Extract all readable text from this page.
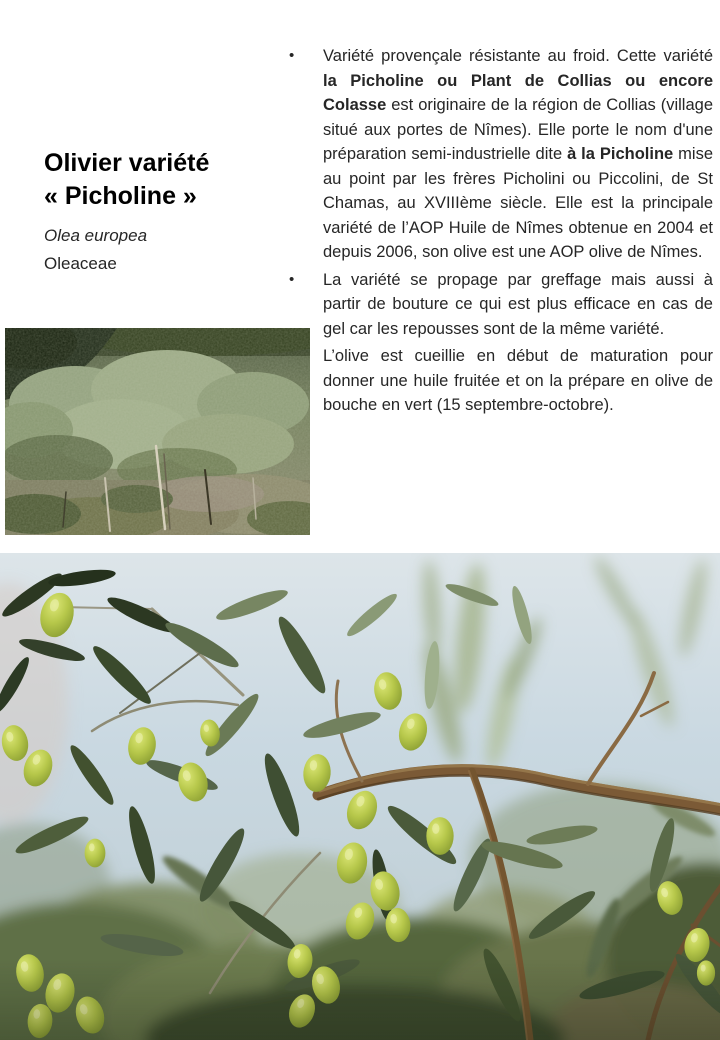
Olivier variété
« Picholine »
Olea europea
Oleaceae
•	Variété provençale résistante au froid. Cette variété la Picholine ou Plant de Collias ou encore Colasse est originaire de la région de Collias (village situé aux portes de Nîmes). Elle porte le nom d'une préparation semi-industrielle dite à la Picholine mise au point par les frères Picholini ou Piccolini, de St Chamas, au XVIIIème siècle. Elle est la principale variété de l’AOP Huile de Nîmes obtenue en 2004 et depuis 2006, son olive est une AOP olive de Nîmes.

•	La variété se propage par greffage mais aussi à partir de bouture ce qui est plus efficace en cas de gel car les repousses sont de la même variété.

L’olive est cueillie en début de maturation pour donner une huile fruitée et on la prépare en olive de bouche en vert (15 septembre-octobre).
